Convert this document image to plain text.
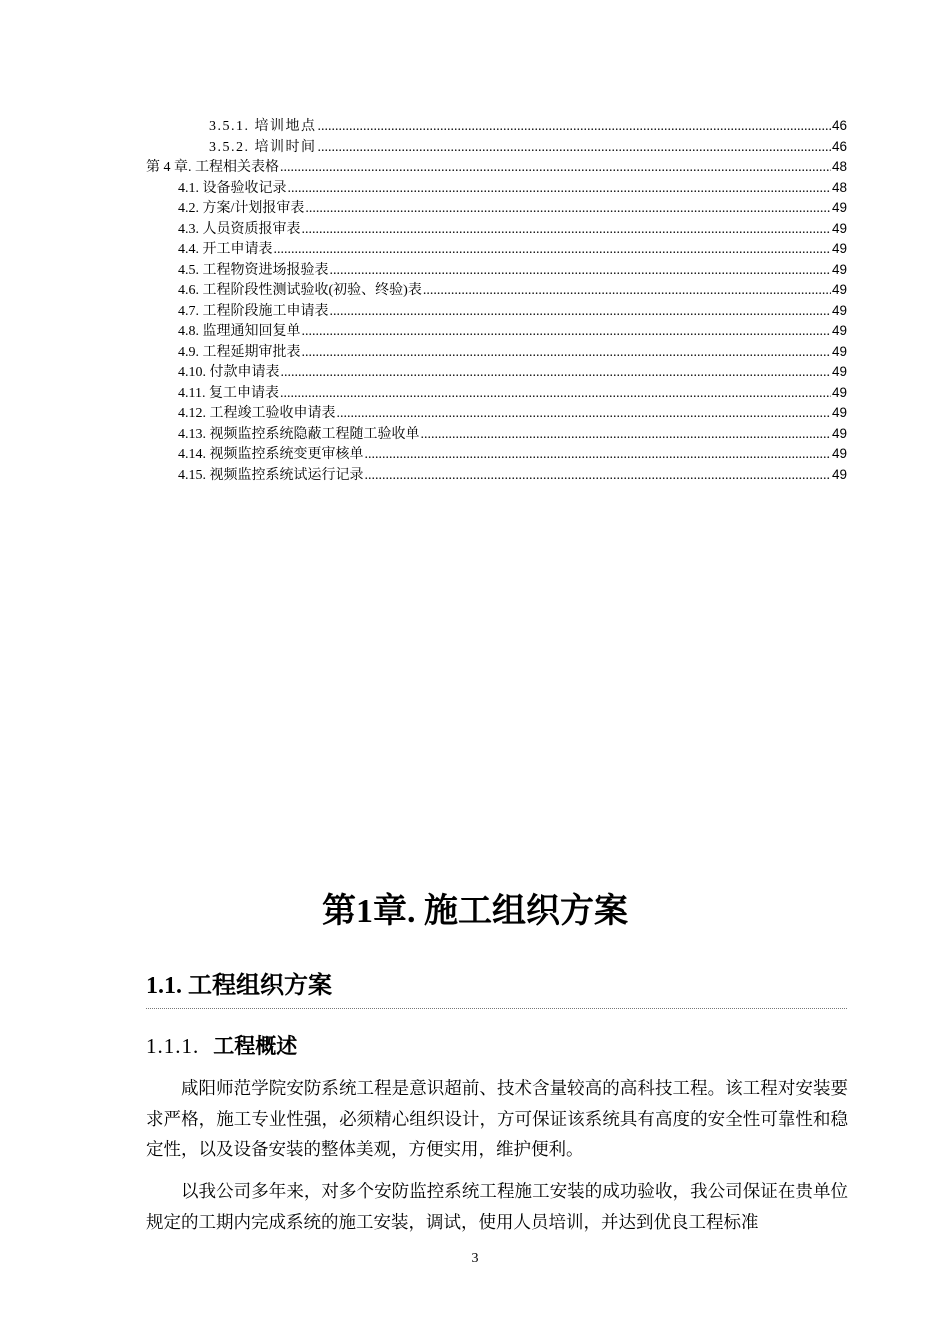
3.5.1. 培训地点 .....	46
3.5.2. 培训时间 .....	46
第 4 章. 工程相关表格 .....	48
4.1. 设备验收记录 .....	48
4.2. 方案/计划报审表 .....	49
4.3. 人员资质报审表 .....	49
4.4. 开工申请表 .....	49
4.5. 工程物资进场报验表 .....	49
4.6. 工程阶段性测试验收(初验、终验)表 .....	49
4.7. 工程阶段施工申请表 .....	49
4.8. 监理通知回复单 .....	49
4.9. 工程延期审批表 .....	49
4.10. 付款申请表 .....	49
4.11. 复工申请表 .....	49
4.12. 工程竣工验收申请表 .....	49
4.13. 视频监控系统隐蔽工程随工验收单 .....	49
4.14. 视频监控系统变更审核单 .....	49
4.15. 视频监控系统试运行记录 .....	49
第1章. 施工组织方案
1.1. 工程组织方案
1.1.1. 工程概述
咸阳师范学院安防系统工程是意识超前、技术含量较高的高科技工程。该工程对安装要求严格，施工专业性强，必须精心组织设计，方可保证该系统具有高度的安全性可靠性和稳定性，以及设备安装的整体美观，方便实用，维护便利。
以我公司多年来，对多个安防监控系统工程施工安装的成功验收，我公司保证在贵单位规定的工期内完成系统的施工安装，调试，使用人员培训，并达到优良工程标准
3
